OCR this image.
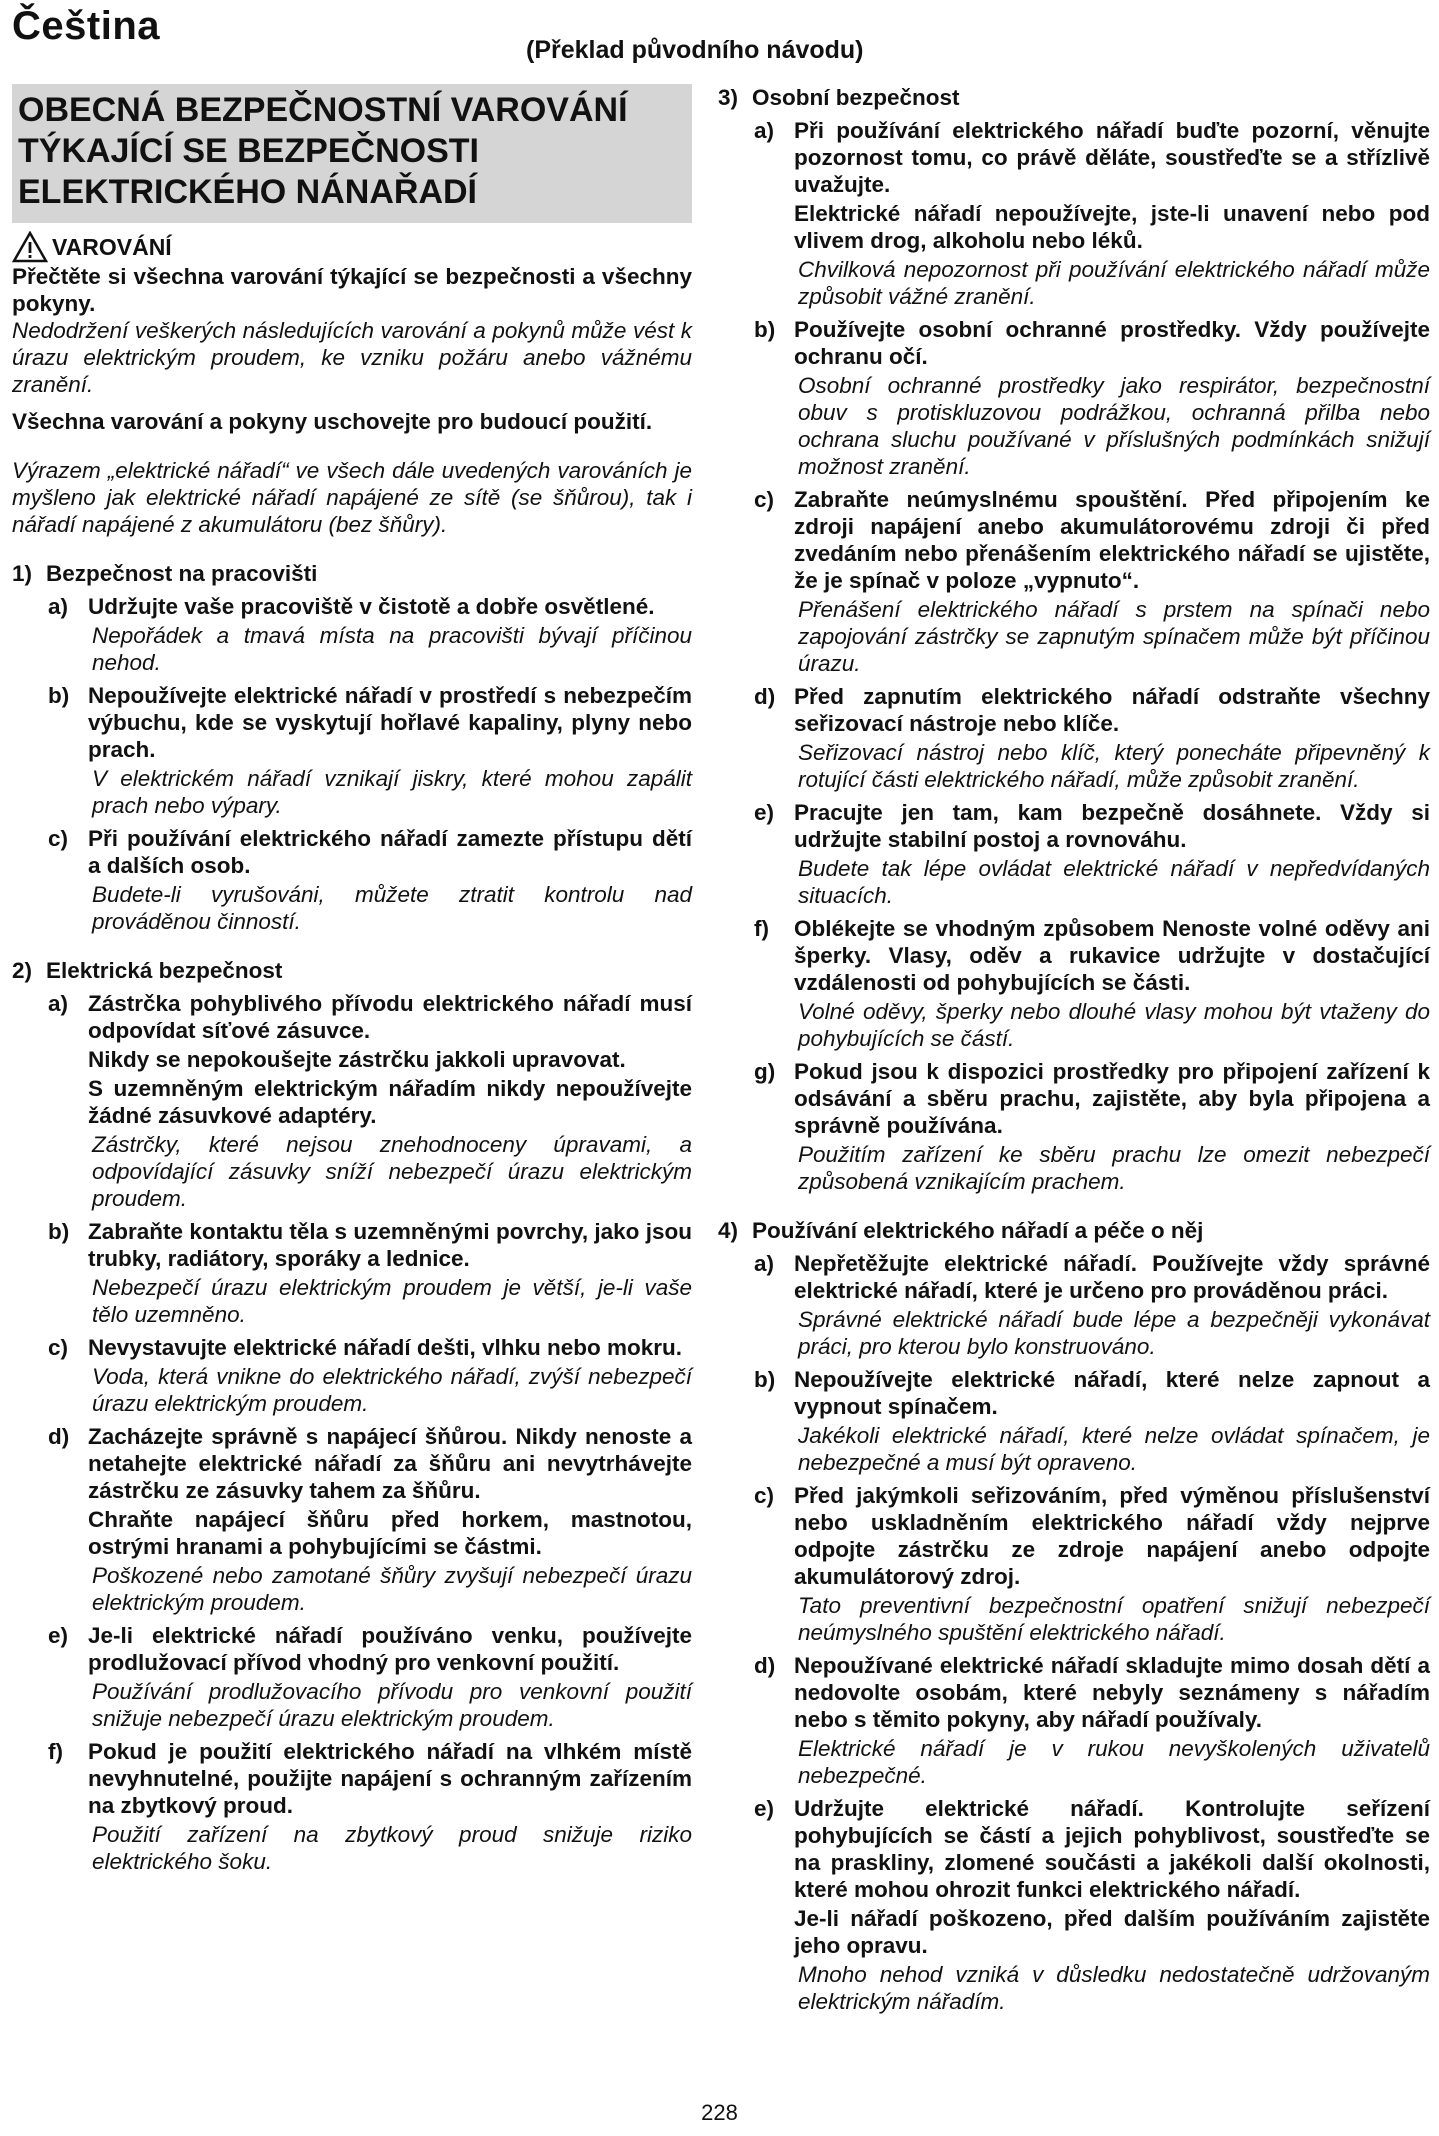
Čeština
(Překlad původního návodu)
OBECNÁ BEZPEČNOSTNÍ VAROVÁNÍ TÝKAJÍCÍ SE BEZPEČNOSTI ELEKTRICKÉHO NÁNAŘADÍ
VAROVÁNÍ

Přečtěte si všechna varování týkající se bezpečnosti a všechny pokyny.

Nedodržení veškerých následujících varování a pokynů může vést k úrazu elektrickým proudem, ke vzniku požáru anebo vážnému zranění.

Všechna varování a pokyny uschovejte pro budoucí použití.

Výrazem „elektrické nářadí“ ve všech dále uvedených varováních je myšleno jak elektrické nářadí napájené ze sítě (se šňůrou), tak i nářadí napájené z akumulátoru (bez šňůry).

1) Bezpečnost na pracovišti
a) Udržujte vaše pracoviště v čistotě a dobře osvětlené.

Nepořádek a tmavá místa na pracovišti bývají příčinou nehod.

b) Nepoužívejte elektrické nářadí v prostředí s nebezpečím výbuchu, kde se vyskytují hořlavé kapaliny, plyny nebo prach.

V elektrickém nářadí vznikají jiskry, které mohou zapálit prach nebo výpary.

c) Při používání elektrického nářadí zamezte přístupu dětí a dalších osob.

Budete-li vyrušováni, můžete ztratit kontrolu nad prováděnou činností.

2) Elektrická bezpečnost
a) Zástrčka pohyblivého přívodu elektrického nářadí musí odpovídat síťové zásuvce.

Nikdy se nepokoušejte zástrčku jakkoli upravovat.

S uzemněným elektrickým nářadím nikdy nepoužívejte žádné zásuvkové adaptéry.

Zástrčky, které nejsou znehodnoceny úpravami, a odpovídající zásuvky sníží nebezpečí úrazu elektrickým proudem.

b) Zabraňte kontaktu těla s uzemněnými povrchy, jako jsou trubky, radiátory, sporáky a lednice.

Nebezpečí úrazu elektrickým proudem je větší, je-li vaše tělo uzemněno.

c) Nevystavujte elektrické nářadí dešti, vlhku nebo mokru.

Voda, která vnikne do elektrického nářadí, zvýší nebezpečí úrazu elektrickým proudem.

d) Zacházejte správně s napájecí šňůrou. Nikdy nenoste a netahejte elektrické nářadí za šňůru ani nevytrhávejte zástrčku ze zásuvky tahem za šňůru.

Chraňte napájecí šňůru před horkem, mastnotou, ostrými hranami a pohybujícími se částmi.

Poškozené nebo zamotané šňůry zvyšují nebezpečí úrazu elektrickým proudem.

e) Je-li elektrické nářadí používáno venku, používejte prodlužovací přívod vhodný pro venkovní použití.

Používání prodlužovacího přívodu pro venkovní použití snižuje nebezpečí úrazu elektrickým proudem.

f)	Pokud je použití elektrického nářadí na vlhkém místě nevyhnutelné, použijte napájení s ochranným zařízením na zbytkový proud.

Použití zařízení na zbytkový proud snižuje riziko elektrického šoku.

3) Osobní bezpečnost
a) Při používání elektrického nářadí buďte pozorní, věnujte pozornost tomu, co právě děláte, soustřeďte se a střízlivě uvažujte.

Elektrické nářadí nepoužívejte, jste-li unavení nebo pod vlivem drog, alkoholu nebo léků.

Chvilková nepozornost při používání elektrického nářadí může způsobit vážné zranění.

b) Používejte osobní ochranné prostředky. Vždy používejte ochranu očí.

Osobní ochranné prostředky jako respirátor, bezpečnostní obuv s protiskluzovou podrážkou, ochranná přilba nebo ochrana sluchu používané v příslušných podmínkách snižují možnost zranění.

c) Zabraňte neúmyslnému spouštění. Před připojením ke zdroji napájení anebo akumulátorovému zdroji či před zvedáním nebo přenášením elektrického nářadí se ujistěte, že je spínač v poloze „vypnuto“.

Přenášení elektrického nářadí s prstem na spínači nebo zapojování zástrčky se zapnutým spínačem může být příčinou úrazu.

d) Před zapnutím elektrického nářadí odstraňte všechny seřizovací nástroje nebo klíče.

Seřizovací nástroj nebo klíč, který ponecháte připevněný k rotující části elektrického nářadí, může způsobit zranění.

e) Pracujte jen tam, kam bezpečně dosáhnete. Vždy si udržujte stabilní postoj a rovnováhu.

Budete tak lépe ovládat elektrické nářadí v nepředvídaných situacích.

f)	Oblékejte se vhodným způsobem Nenoste volné oděvy ani šperky. Vlasy, oděv a rukavice udržujte v dostačující vzdálenosti od pohybujících se části.

Volné oděvy, šperky nebo dlouhé vlasy mohou být vtaženy do pohybujících se částí.

g) Pokud jsou k dispozici prostředky pro připojení zařízení k odsávání a sběru prachu, zajistěte, aby byla připojena a správně používána.

Použitím zařízení ke sběru prachu lze omezit nebezpečí způsobená vznikajícím prachem.

4) Používání elektrického nářadí a péče o něj
a) Nepřetěžujte elektrické nářadí. Používejte vždy správné elektrické nářadí, které je určeno pro prováděnou práci.

Správné elektrické nářadí bude lépe a bezpečněji vykonávat práci, pro kterou bylo konstruováno.

b) Nepoužívejte elektrické nářadí, které nelze zapnout a vypnout spínačem.

Jakékoli elektrické nářadí, které nelze ovládat spínačem, je nebezpečné a musí být opraveno.

c) Před jakýmkoli seřizováním, před výměnou příslušenství nebo uskladněním elektrického nářadí vždy nejprve odpojte zástrčku ze zdroje napájení anebo odpojte akumulátorový zdroj.

Tato preventivní bezpečnostní opatření snižují nebezpečí neúmyslného spuštění elektrického nářadí.

d) Nepoužívané elektrické nářadí skladujte mimo dosah dětí a nedovolte osobám, které nebyly seznámeny s nářadím nebo s těmito pokyny, aby nářadí používaly.

Elektrické nářadí je v rukou nevyškolených uživatelů nebezpečné.

e) Udržujte elektrické nářadí. Kontrolujte seřízení pohybujících se částí a jejich pohyblivost, soustřeďte se na praskliny, zlomené součásti a jakékoli další okolnosti, které mohou ohrozit funkci elektrického nářadí.

Je-li nářadí poškozeno, před dalším používáním zajistěte jeho opravu.

Mnoho nehod vzniká v důsledku nedostatečně udržovaným elektrickým nářadím.

228
